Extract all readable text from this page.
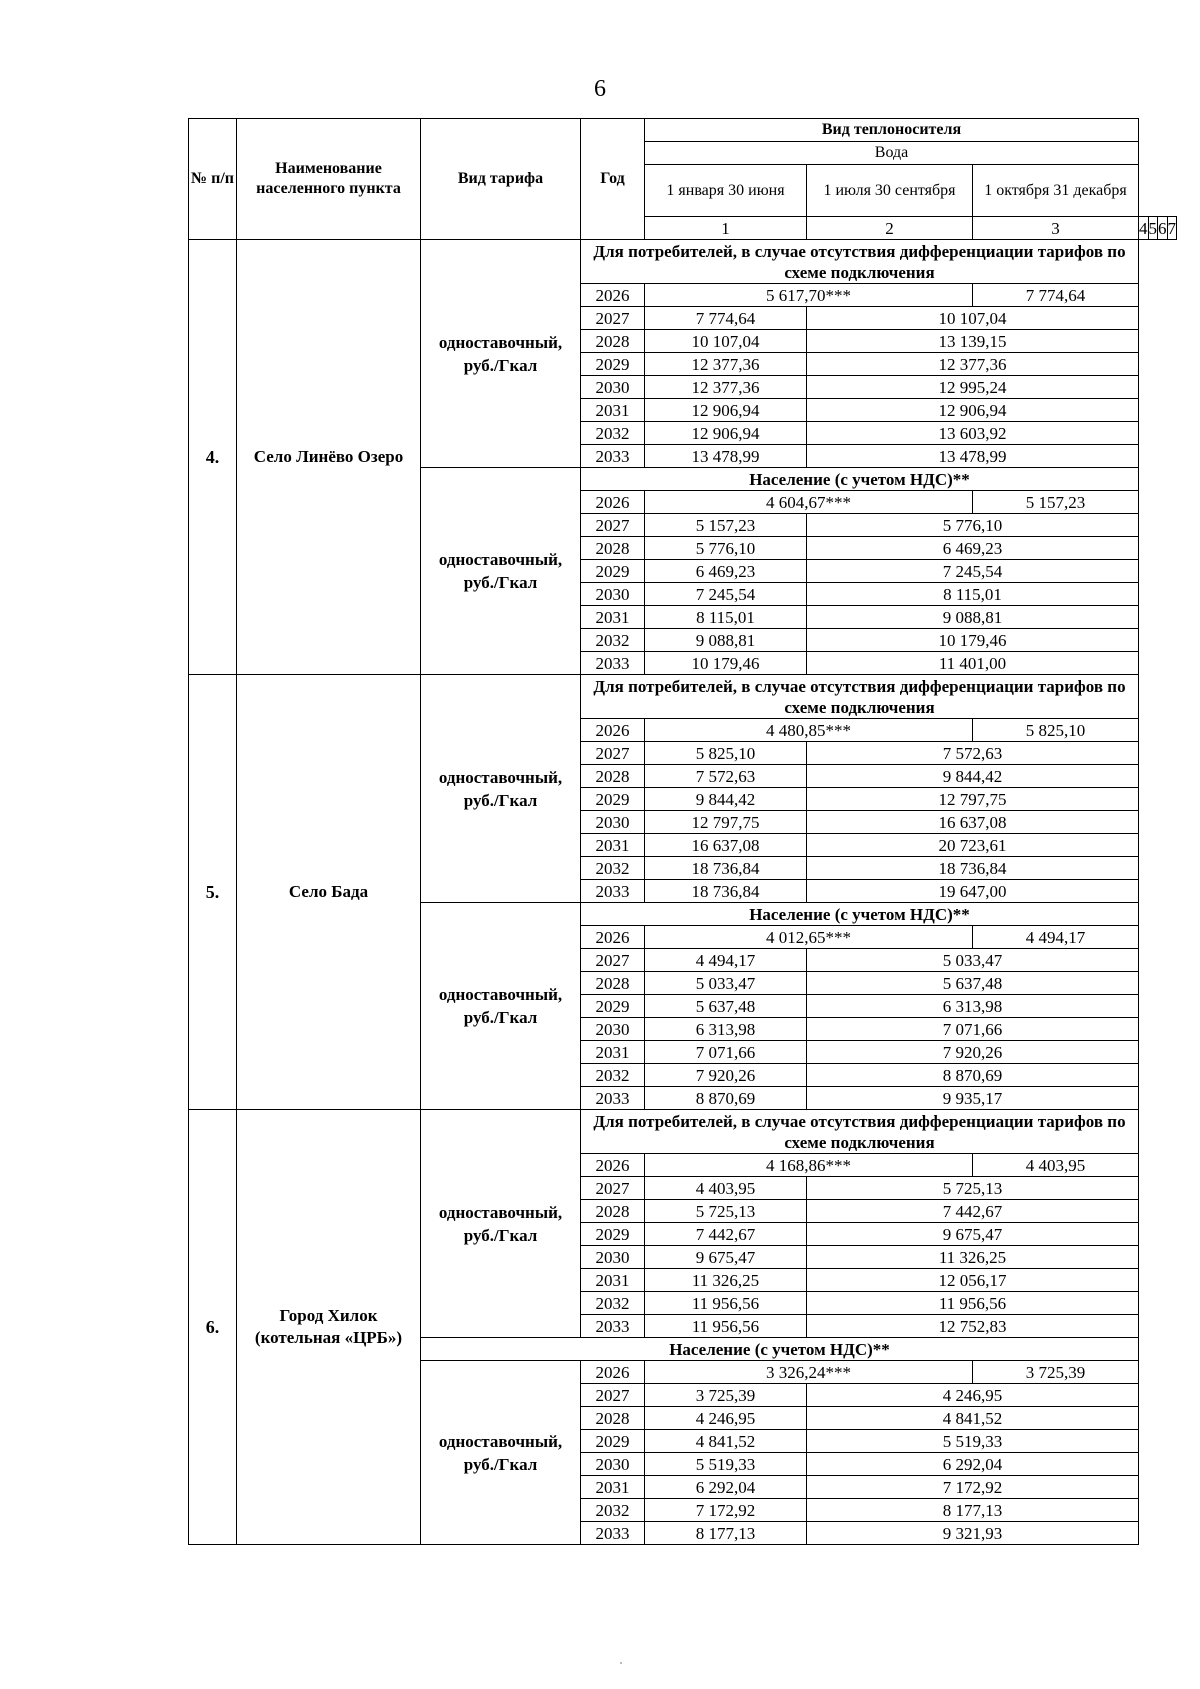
6
№ п/п	Наименование населенного пункта	Вид тарифа	Год	Вид теплоносителя						
				Вода						
				1 января 30 июня	1 июля 30 сентября	1 октября 31 декабря				
				1	2	3	4	5	6	7
4.	Село Линёво Озеро	одноставочный, руб./Гкал	Для потребителей, в случае отсутствия дифференциации тарифов по схеме подключения							
			2026	5 617,70***		7 774,64				
			2027	7 774,64	10 107,04					
			2028	10 107,04	13 139,15					
			2029	12 377,36	12 377,36					
			2030	12 377,36	12 995,24					
			2031	12 906,94	12 906,94					
			2032	12 906,94	13 603,92					
			2033	13 478,99	13 478,99					
		одноставочный, руб./Гкал	Население (с учетом НДС)**							
			2026	4 604,67***		5 157,23				
			2027	5 157,23	5 776,10					
			2028	5 776,10	6 469,23					
			2029	6 469,23	7 245,54					
			2030	7 245,54	8 115,01					
			2031	8 115,01	9 088,81					
			2032	9 088,81	10 179,46					
			2033	10 179,46	11 401,00					
5.	Село Бада	одноставочный, руб./Гкал	Для потребителей, в случае отсутствия дифференциации тарифов по схеме подключения							
			2026	4 480,85***		5 825,10				
			2027	5 825,10	7 572,63					
			2028	7 572,63	9 844,42					
			2029	9 844,42	12 797,75					
			2030	12 797,75	16 637,08					
			2031	16 637,08	20 723,61					
			2032	18 736,84	18 736,84					
			2033	18 736,84	19 647,00					
		одноставочный, руб./Гкал	Население (с учетом НДС)**							
			2026	4 012,65***		4 494,17				
			2027	4 494,17	5 033,47					
			2028	5 033,47	5 637,48					
			2029	5 637,48	6 313,98					
			2030	6 313,98	7 071,66					
			2031	7 071,66	7 920,26					
			2032	7 920,26	8 870,69					
			2033	8 870,69	9 935,17					
6.	Город Хилок (котельная «ЦРБ»)	одноставочный, руб./Гкал	Для потребителей, в случае отсутствия дифференциации тарифов по схеме подключения							
			2026	4 168,86***		4 403,95				
			2027	4 403,95	5 725,13					
			2028	5 725,13	7 442,67					
			2029	7 442,67	9 675,47					
			2030	9 675,47	11 326,25					
			2031	11 326,25	12 056,17					
			2032	11 956,56	11 956,56					
			2033	11 956,56	12 752,83					
		Население (с учетом НДС)**								
		одноставочный, руб./Гкал	2026	3 326,24***		3 725,39				
			2027	3 725,39	4 246,95					
			2028	4 246,95	4 841,52					
			2029	4 841,52	5 519,33					
			2030	5 519,33	6 292,04					
			2031	6 292,04	7 172,92					
			2032	7 172,92	8 177,13					
			2033	8 177,13	9 321,93					
